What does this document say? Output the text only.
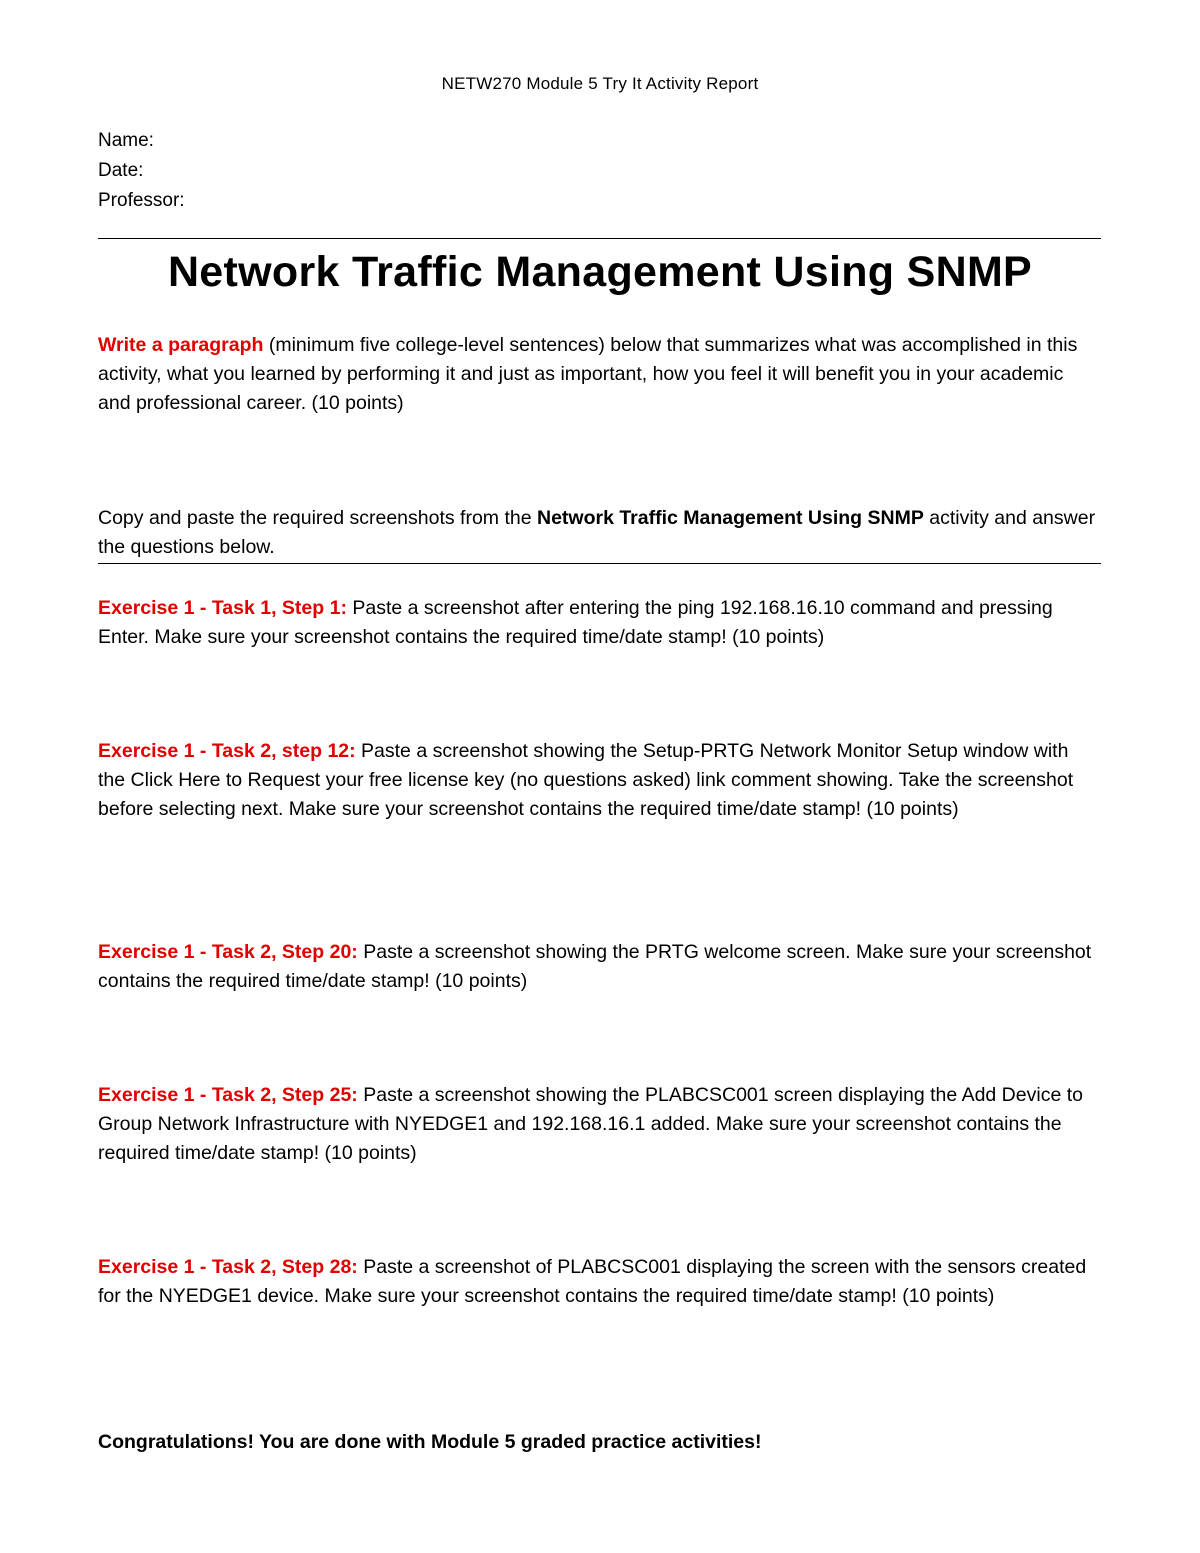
NETW270 Module 5 Try It Activity Report
Name:
Date:
Professor:
Network Traffic Management Using SNMP
Write a paragraph (minimum five college-level sentences) below that summarizes what was accomplished in this activity, what you learned by performing it and just as important, how you feel it will benefit you in your academic and professional career. (10 points)
Copy and paste the required screenshots from the Network Traffic Management Using SNMP activity and answer the questions below.
Exercise 1 - Task 1, Step 1: Paste a screenshot after entering the ping 192.168.16.10 command and pressing Enter. Make sure your screenshot contains the required time/date stamp! (10 points)
Exercise 1 - Task 2, step 12: Paste a screenshot showing the Setup-PRTG Network Monitor Setup window with the Click Here to Request your free license key (no questions asked) link comment showing. Take the screenshot before selecting next. Make sure your screenshot contains the required time/date stamp! (10 points)
Exercise 1 - Task 2, Step 20: Paste a screenshot showing the PRTG welcome screen. Make sure your screenshot contains the required time/date stamp! (10 points)
Exercise 1 - Task 2, Step 25: Paste a screenshot showing the PLABCSC001 screen displaying the Add Device to Group Network Infrastructure with NYEDGE1 and 192.168.16.1 added. Make sure your screenshot contains the required time/date stamp! (10 points)
Exercise 1 - Task 2, Step 28: Paste a screenshot of PLABCSC001 displaying the screen with the sensors created for the NYEDGE1 device. Make sure your screenshot contains the required time/date stamp! (10 points)
Congratulations! You are done with Module 5 graded practice activities!
